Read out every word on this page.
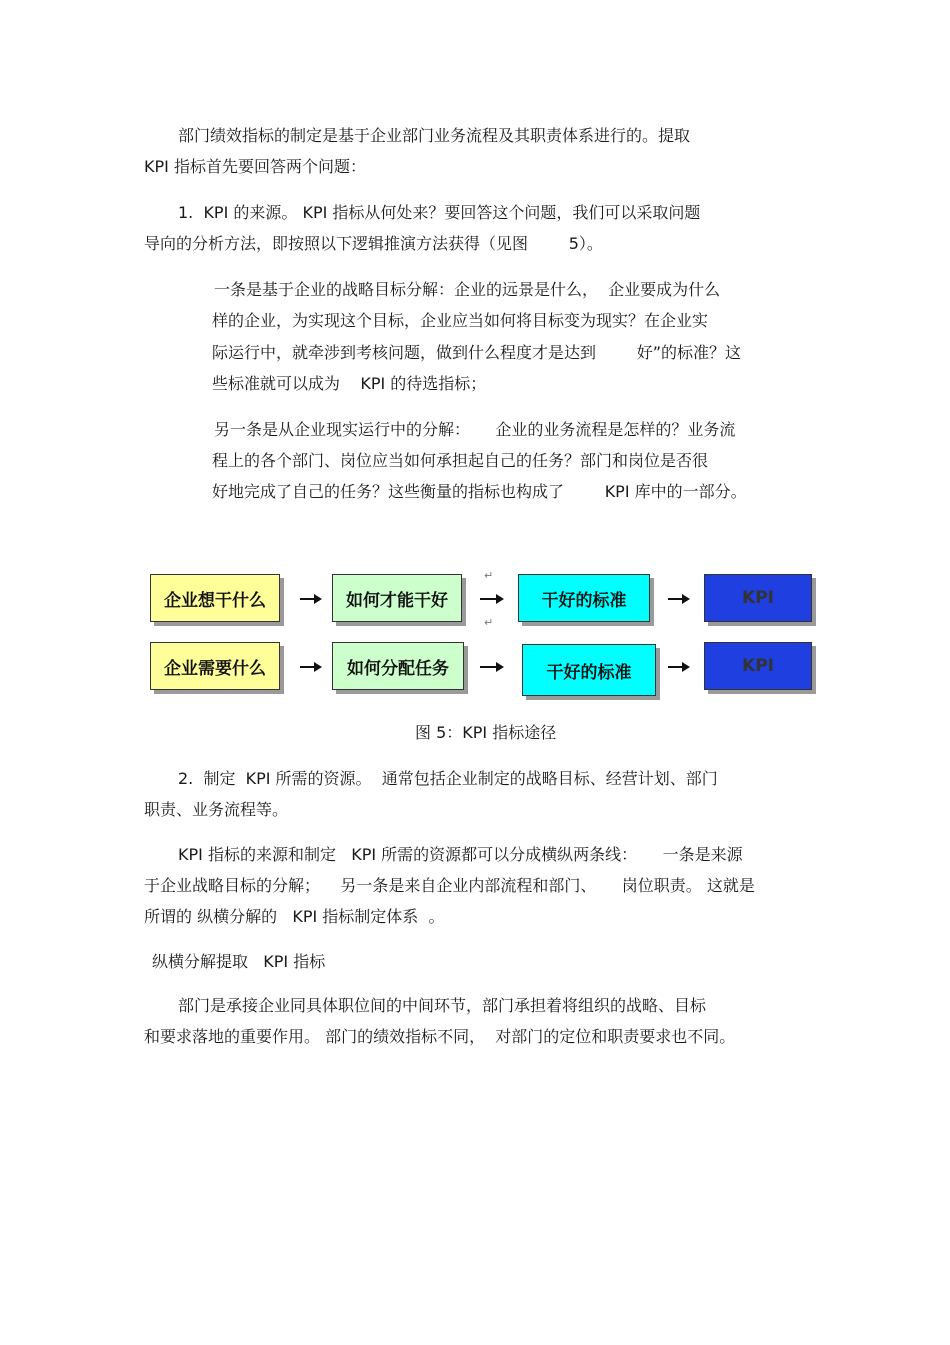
部门绩效指标的制定是基于企业部门业务流程及其职责体系进行的。提取

KPI 指标首先要回答两个问题：

1.  KPI 的来源。 KPI 指标从何处来？要回答这个问题，我们可以采取问题

导向的分析方法，即按照以下逻辑推演方法获得（见图        5）。

一条是基于企业的战略目标分解：企业的远景是什么，  企业要成为什么

样的企业，为实现这个目标，企业应当如何将目标变为现实？在企业实

际运行中，就牵涉到考核问题，做到什么程度才是达到        好”的标准？这

些标准就可以成为    KPI 的待选指标；

另一条是从企业现实运行中的分解：     企业的业务流程是怎样的？业务流

程上的各个部门、岗位应当如何承担起自己的任务？部门和岗位是否很

好地完成了自己的任务？这些衡量的指标也构成了        KPI 库中的一部分。

企业想干什么	如何才能干好	干好的标准	KPI
↵
↵
企业需要什么	如何分配任务	干好的标准	KPI

图 5：KPI 指标途径

2.  制定  KPI 所需的资源。  通常包括企业制定的战略目标、经营计划、部门

职责、业务流程等。

KPI 指标的来源和制定   KPI 所需的资源都可以分成横纵两条线：     一条是来源

于企业战略目标的分解；    另一条是来自企业内部流程和部门、     岗位职责。 这就是

所谓的 纵横分解的   KPI 指标制定体系  。

纵横分解提取   KPI 指标

部门是承接企业同具体职位间的中间环节，部门承担着将组织的战略、目标

和要求落地的重要作用。 部门的绩效指标不同，  对部门的定位和职责要求也不同。
